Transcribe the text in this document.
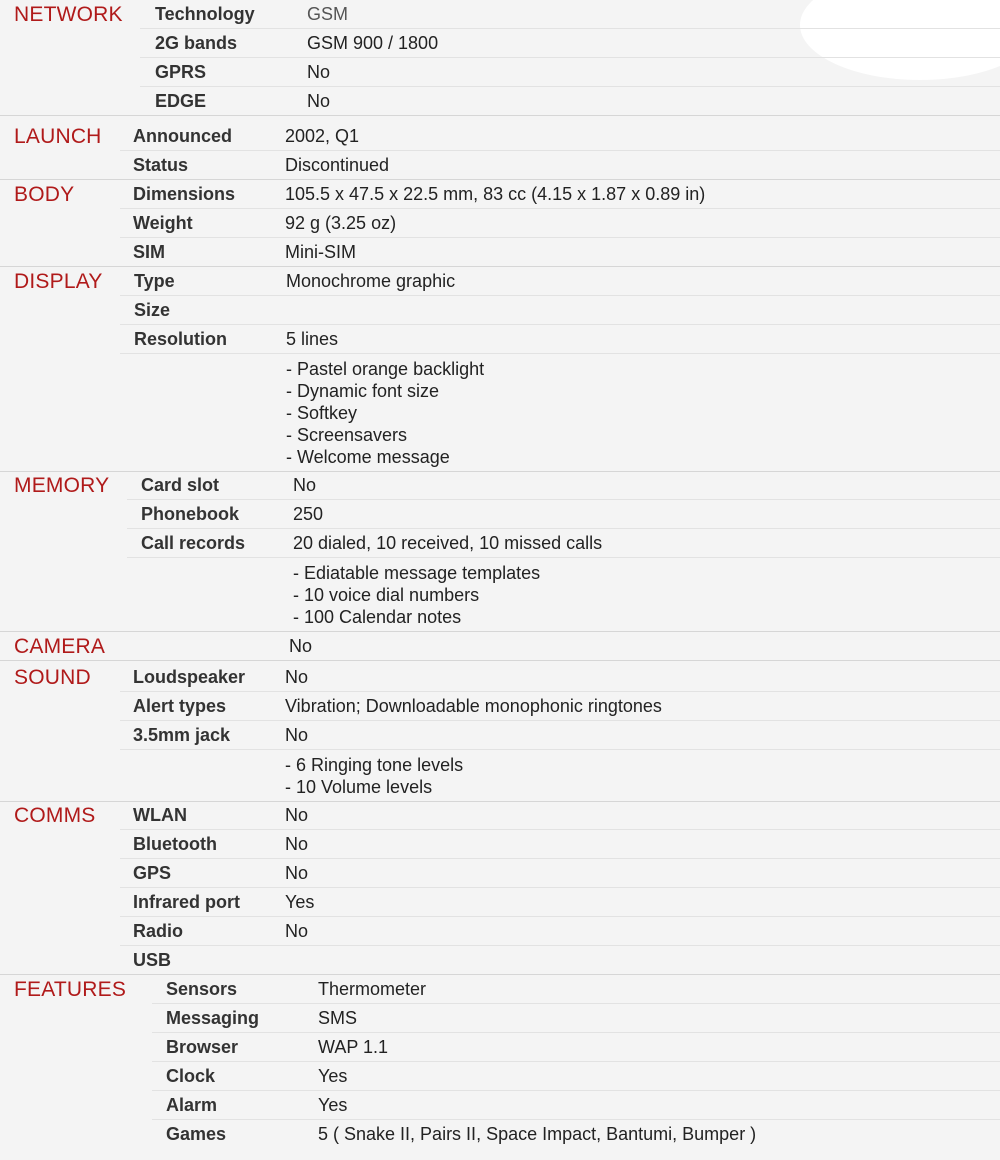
NETWORK Technology	GSM
2G bands	GSM 900 / 1800
GPRS	No
EDGE	No
LAUNCH Announced	2002, Q1
Status	Discontinued
BODY	Dimensions	105.5 x 47.5 x 22.5 mm, 83 cc (4.15 x 1.87 x 0.89 in)
Weight	92 g (3.25 oz)
SIM	Mini-SIM
DISPLAY Type	Monochrome graphic
Size
Resolution	5 lines
- Pastel orange backlight
- Dynamic font size
- Softkey
- Screensavers
- Welcome message
MEMORY Card slot	No
Phonebook	250
Call records	20 dialed, 10 received, 10 missed calls
- Ediatable message templates
- 10 voice dial numbers
- 100 Calendar notes
CAMERA	No
SOUND Loudspeaker No
Alert types	Vibration; Downloadable monophonic ringtones
3.5mm jack	No
- 6 Ringing tone levels
- 10 Volume levels
COMMS WLAN	No
Bluetooth	No
GPS	No
Infrared port Yes
Radio	No
USB
FEATURES Sensors	Thermometer
Messaging	SMS
Browser	WAP 1.1
Clock	Yes
Alarm	Yes
Games	5 ( Snake II, Pairs II, Space Impact, Bantumi, Bumper )
